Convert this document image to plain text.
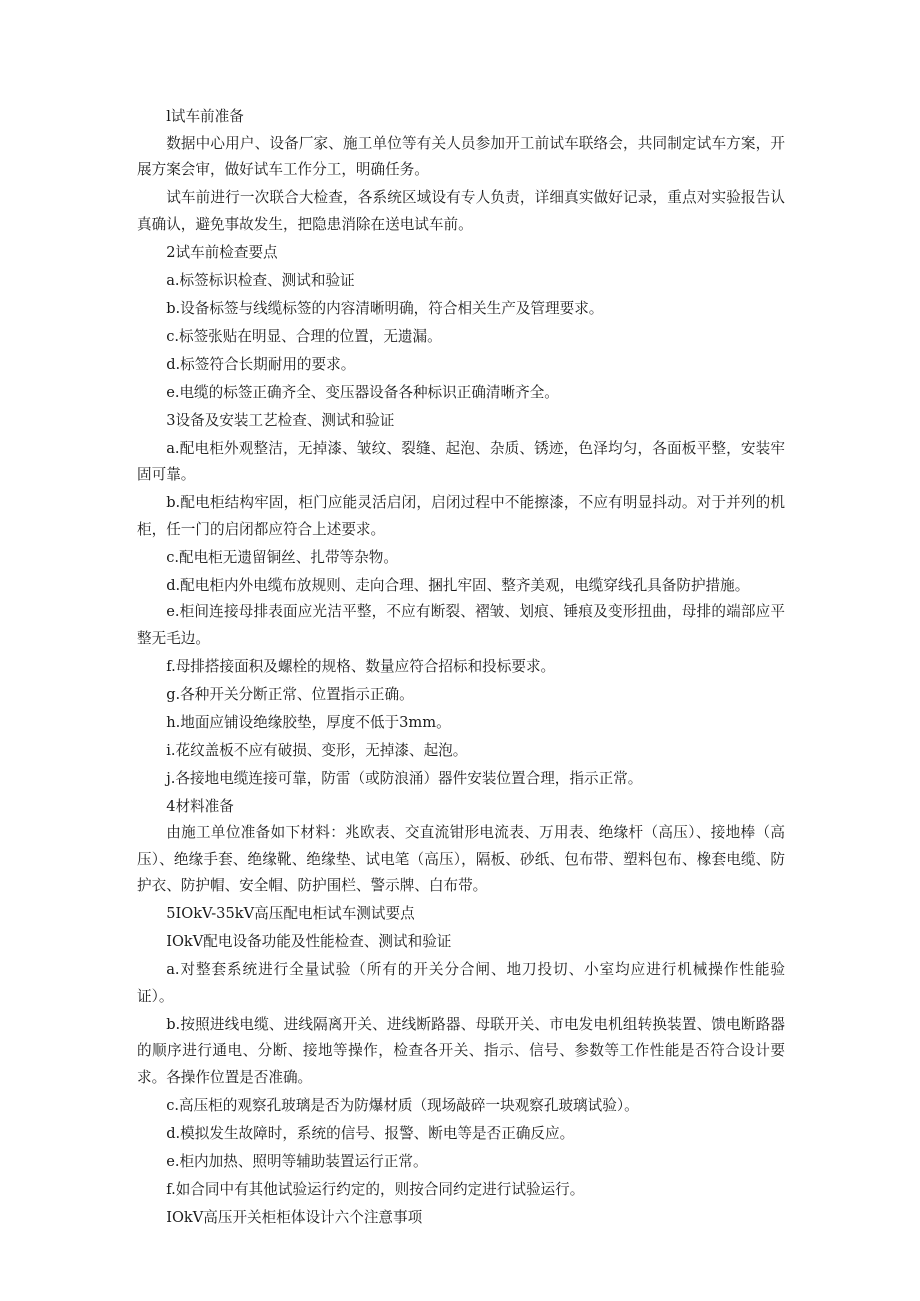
l试车前准备

数据中心用户、设备厂家、施工单位等有关人员参加开工前试车联络会，共同制定试车方案，开展方案会审，做好试车工作分工，明确任务。

试车前进行一次联合大检查，各系统区域设有专人负责，详细真实做好记录，重点对实验报告认真确认，避免事故发生，把隐患消除在送电试车前。

2试车前检查要点

a.标签标识检查、测试和验证

b.设备标签与线缆标签的内容清晰明确，符合相关生产及管理要求。

c.标签张贴在明显、合理的位置，无遗漏。

d.标签符合长期耐用的要求。

e.电缆的标签正确齐全、变压器设备各种标识正确清晰齐全。

3设备及安装工艺检查、测试和验证

a.配电柜外观整洁，无掉漆、皱纹、裂缝、起泡、杂质、锈迹，色泽均匀，各面板平整，安装牢固可靠。

b.配电柜结构牢固，柜门应能灵活启闭，启闭过程中不能擦漆，不应有明显抖动。对于并列的机柜，任一门的启闭都应符合上述要求。

c.配电柜无遗留铜丝、扎带等杂物。

d.配电柜内外电缆布放规则、走向合理、捆扎牢固、整齐美观，电缆穿线孔具备防护措施。

e.柜间连接母排表面应光洁平整，不应有断裂、褶皱、划痕、锤痕及变形扭曲，母排的端部应平整无毛边。

f.母排搭接面积及螺栓的规格、数量应符合招标和投标要求。

g.各种开关分断正常、位置指示正确。

h.地面应铺设绝缘胶垫，厚度不低于3mm。

i.花纹盖板不应有破损、变形，无掉漆、起泡。

j.各接地电缆连接可靠，防雷（或防浪涌）器件安装位置合理，指示正常。

4材料准备

由施工单位准备如下材料：兆欧表、交直流钳形电流表、万用表、绝缘杆（高压）、接地棒（高压）、绝缘手套、绝缘靴、绝缘垫、试电笔（高压），隔板、砂纸、包布带、塑料包布、橡套电缆、防护衣、防护帽、安全帽、防护围栏、警示牌、白布带。

5IOkV-35kV高压配电柜试车测试要点

IOkV配电设备功能及性能检查、测试和验证

a.对整套系统进行全量试验（所有的开关分合闸、地刀投切、小室均应进行机械操作性能验证）。

b.按照进线电缆、进线隔离开关、进线断路器、母联开关、市电发电机组转换装置、馈电断路器的顺序进行通电、分断、接地等操作，检查各开关、指示、信号、参数等工作性能是否符合设计要求。各操作位置是否准确。

c.高压柜的观察孔玻璃是否为防爆材质（现场敲碎一块观察孔玻璃试验）。

d.模拟发生故障时，系统的信号、报警、断电等是否正确反应。

e.柜内加热、照明等辅助装置运行正常。

f.如合同中有其他试验运行约定的，则按合同约定进行试验运行。

IOkV高压开关柜柜体设计六个注意事项
